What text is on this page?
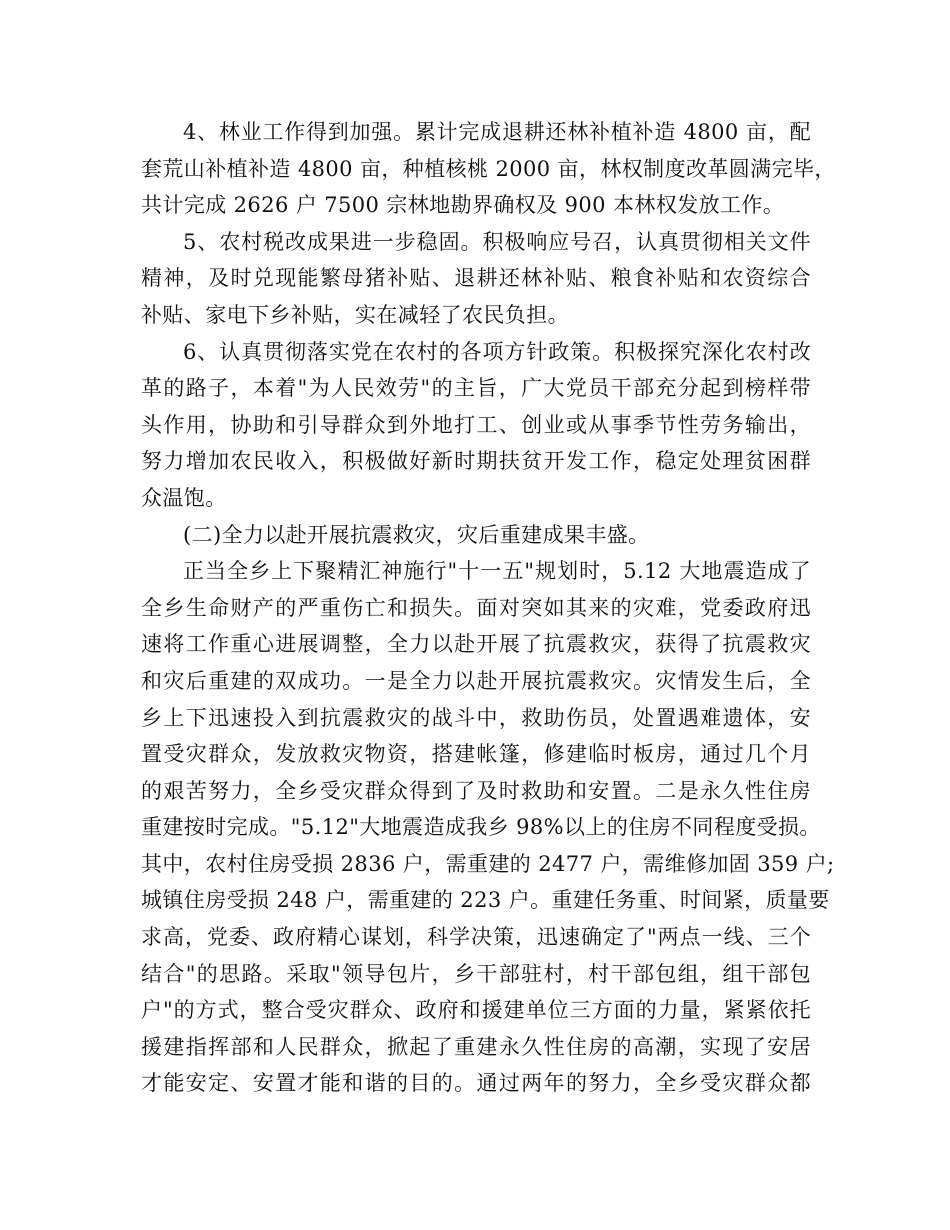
4、林业工作得到加强。累计完成退耕还林补植补造 4800 亩，配
套荒山补植补造 4800 亩，种植核桃 2000 亩，林权制度改革圆满完毕，
共计完成 2626 户 7500 宗林地勘界确权及 900 本林权发放工作。
5、农村税改成果进一步稳固。积极响应号召，认真贯彻相关文件
精神，及时兑现能繁母猪补贴、退耕还林补贴、粮食补贴和农资综合
补贴、家电下乡补贴，实在减轻了农民负担。
6、认真贯彻落实党在农村的各项方针政策。积极探究深化农村改
革的路子，本着"为人民效劳"的主旨，广大党员干部充分起到榜样带
头作用，协助和引导群众到外地打工、创业或从事季节性劳务输出，
努力增加农民收入，积极做好新时期扶贫开发工作，稳定处理贫困群
众温饱。
(二)全力以赴开展抗震救灾，灾后重建成果丰盛。
正当全乡上下聚精汇神施行"十一五"规划时，5.12 大地震造成了
全乡生命财产的严重伤亡和损失。面对突如其来的灾难，党委政府迅
速将工作重心进展调整，全力以赴开展了抗震救灾，获得了抗震救灾
和灾后重建的双成功。一是全力以赴开展抗震救灾。灾情发生后，全
乡上下迅速投入到抗震救灾的战斗中，救助伤员，处置遇难遗体，安
置受灾群众，发放救灾物资，搭建帐篷，修建临时板房，通过几个月
的艰苦努力，全乡受灾群众得到了及时救助和安置。二是永久性住房
重建按时完成。"5.12"大地震造成我乡 98%以上的住房不同程度受损。
其中，农村住房受损 2836 户，需重建的 2477 户，需维修加固 359 户;
城镇住房受损 248 户，需重建的 223 户。重建任务重、时间紧，质量要
求高，党委、政府精心谋划，科学决策，迅速确定了"两点一线、三个
结合"的思路。采取"领导包片，乡干部驻村，村干部包组，组干部包
户"的方式，整合受灾群众、政府和援建单位三方面的力量，紧紧依托
援建指挥部和人民群众，掀起了重建永久性住房的高潮，实现了安居
才能安定、安置才能和谐的目的。通过两年的努力，全乡受灾群众都
